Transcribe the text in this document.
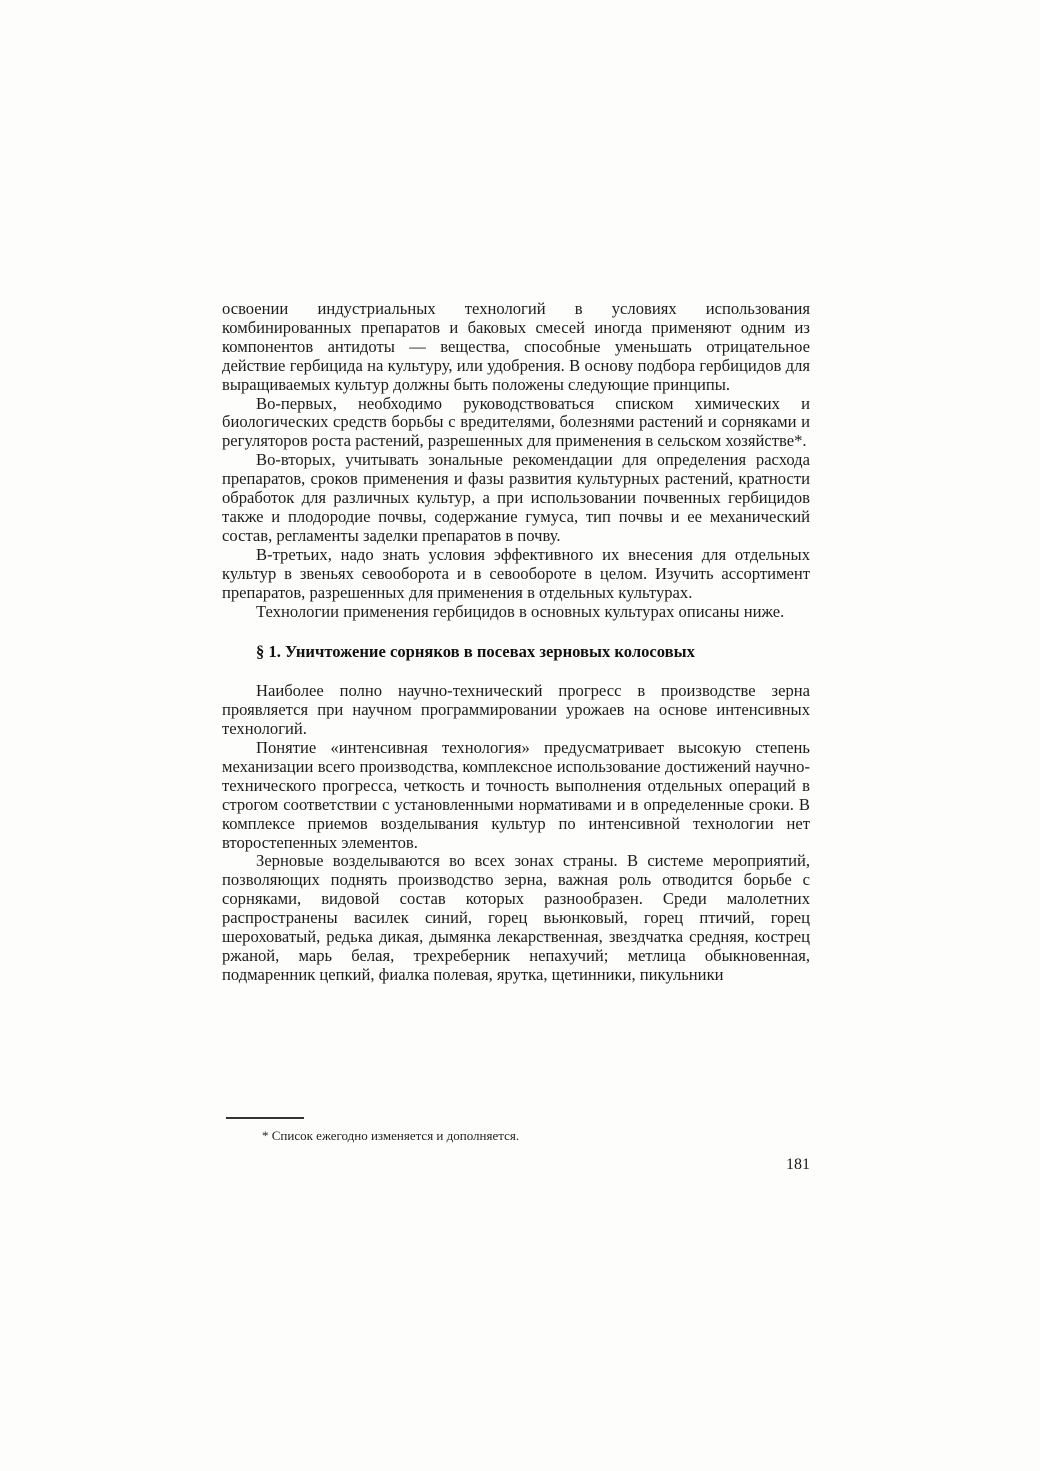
освоении индустриальных технологий в условиях использования комбинированных препаратов и баковых смесей иногда применяют одним из компонентов антидоты — вещества, способные уменьшать отрицательное действие гербицида на культуру, или удобрения. В основу подбора гербицидов для выращиваемых культур должны быть положены следующие принципы.

Во-первых, необходимо руководствоваться списком химических и биологических средств борьбы с вредителями, болезнями растений и сорняками и регуляторов роста растений, разрешенных для применения в сельском хозяйстве*.

Во-вторых, учитывать зональные рекомендации для определения расхода препаратов, сроков применения и фазы развития культурных растений, кратности обработок для различных культур, а при использовании почвенных гербицидов также и плодородие почвы, содержание гумуса, тип почвы и ее механический состав, регламенты заделки препаратов в почву.

В-третьих, надо знать условия эффективного их внесения для отдельных культур в звеньях севооборота и в севообороте в целом. Изучить ассортимент препаратов, разрешенных для применения в отдельных культурах.

Технологии применения гербицидов в основных культурах описаны ниже.

§ 1. Уничтожение сорняков в посевах зерновых колосовых

Наиболее полно научно-технический прогресс в производстве зерна проявляется при научном программировании урожаев на основе интенсивных технологий.

Понятие «интенсивная технология» предусматривает высокую степень механизации всего производства, комплексное использование достижений научно-технического прогресса, четкость и точность выполнения отдельных операций в строгом соответствии с установленными нормативами и в определенные сроки. В комплексе приемов возделывания культур по интенсивной технологии нет второстепенных элементов.

Зерновые возделываются во всех зонах страны. В системе мероприятий, позволяющих поднять производство зерна, важная роль отводится борьбе с сорняками, видовой состав которых разнообразен. Среди малолетних распространены василек синий, горец вьюнковый, горец птичий, горец шероховатый, редька дикая, дымянка лекарственная, звездчатка средняя, кострец ржаной, марь белая, трехреберник непахучий; метлица обыкновенная, подмаренник цепкий, фиалка полевая, ярутка, щетинники, пикульники

* Список ежегодно изменяется и дополняется.
181
